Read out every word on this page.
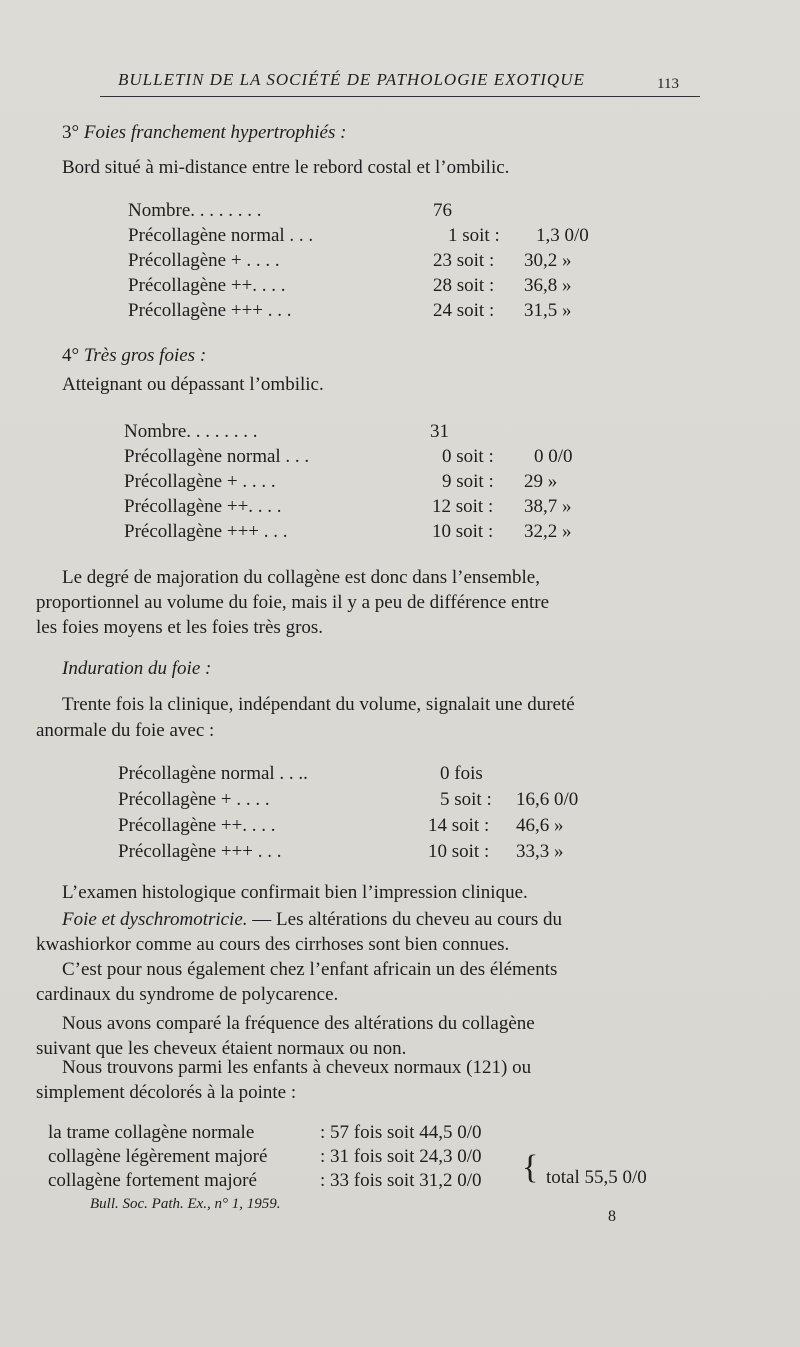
BULLETIN DE LA SOCIÉTÉ DE PATHOLOGIE EXOTIQUE	113
3° Foies franchement hypertrophiés :
Bord situé à mi-distance entre le rebord costal et l’ombilic.
Nombre. . . . . . . .	76
Précollagène normal . . .	1 soit : 1,3 0/0
Précollagène + . . . .	23 soit : 30,2 »
Précollagène ++. . . .	28 soit : 36,8 »
Précollagène +++ . . .	24 soit : 31,5 »
4° Très gros foies :
Atteignant ou dépassant l’ombilic.
Nombre. . . . . . . .	31
Précollagène normal . . .	0 soit : 0 0/0
Précollagène + . . . .	9 soit : 29 »
Précollagène ++. . . .	12 soit : 38,7 »
Précollagène +++ . . .	10 soit : 32,2 »
Le degré de majoration du collagène est donc dans l’ensemble,
proportionnel au volume du foie, mais il y a peu de différence entre
les foies moyens et les foies très gros.
Induration du foie :
Trente fois la clinique, indépendant du volume, signalait une dureté
anormale du foie avec :
Précollagène normal . . ..	0 fois
Précollagène + . . . .	5 soit : 16,6 0/0
Précollagène ++. . . .	14 soit : 46,6 »
Précollagène +++ . . .	10 soit : 33,3 »
L’examen histologique confirmait bien l’impression clinique.
Foie et dyschromotricie. — Les altérations du cheveu au cours du
kwashiorkor comme au cours des cirrhoses sont bien connues.
C’est pour nous également chez l’enfant africain un des éléments
cardinaux du syndrome de polycarence.
Nous avons comparé la fréquence des altérations du collagène
suivant que les cheveux étaient normaux ou non.
Nous trouvons parmi les enfants à cheveux normaux (121) ou
simplement décolorés à la pointe :
la trame collagène normale	: 57 fois soit 44,5 0/0
collagène légèrement majoré	: 31 fois soit 24,3 0/0
collagène fortement majoré	: 33 fois soit 31,2 0/0 { total 55,5 0/0
Bull. Soc. Path. Ex., n° 1, 1959.
8
